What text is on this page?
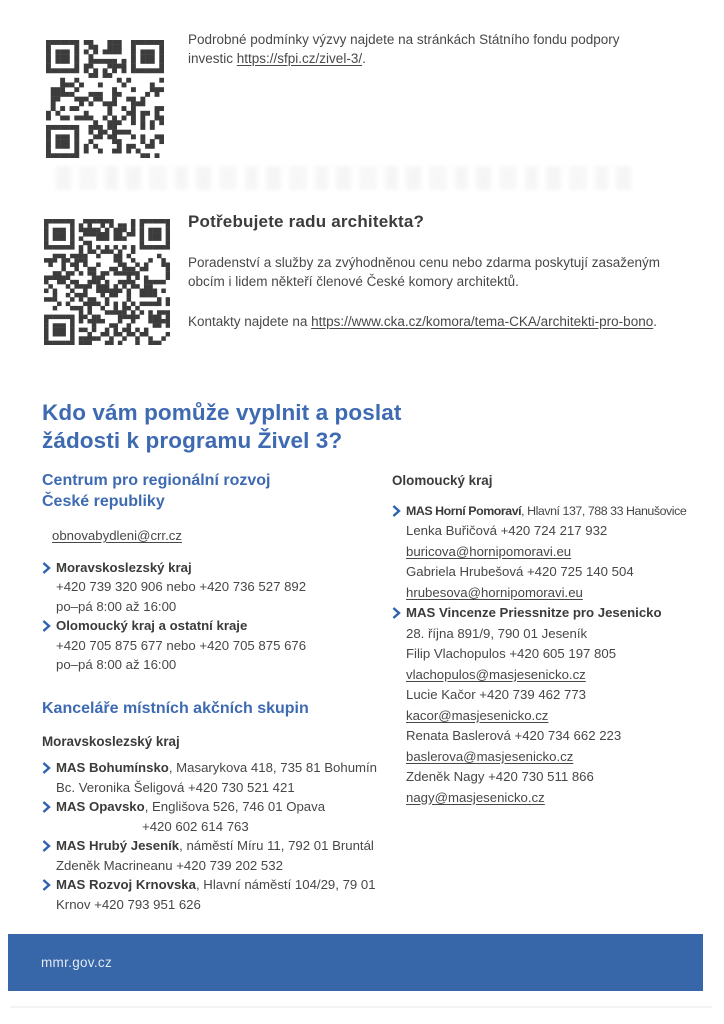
Podrobné podmínky výzvy najdete na stránkách Státního fondu podpory
investic https://sfpi.cz/zivel-3/.

Potřebujete radu architekta?

Poradenství a služby za zvýhodněnou cenu nebo zdarma poskytují zasaženým
obcím i lidem někteří členové České komory architektů.

Kontakty najdete na https://www.cka.cz/komora/tema-CKA/architekti-pro-bono.

Kdo vám pomůže vyplnit a poslat
žádosti k programu Živel 3?
Centrum pro regionální rozvoj
České republiky
obnovabydleni@crr.cz
Moravskoslezský kraj
+420 739 320 906 nebo +420 736 527 892
po–pá 8:00 až 16:00
Olomoucký kraj a ostatní kraje
+420 705 875 677 nebo +420 705 875 676
po–pá 8:00 až 16:00
Kanceláře místních akčních skupin
Moravskoslezský kraj
MAS Bohumínsko, Masarykova 418, 735 81 Bohumín
Bc. Veronika Šeligová +420 730 521 421
MAS Opavsko, Englišova 526, 746 01 Opava
+420 602 614 763
MAS Hrubý Jeseník, náměstí Míru 11, 792 01 Bruntál
Zdeněk Macrineanu +420 739 202 532
MAS Rozvoj Krnovska, Hlavní náměstí 104/29, 79 01
Krnov +420 793 951 626
Olomoucký kraj
MAS Horní Pomoraví, Hlavní 137, 788 33 Hanušovice
Lenka Buřičová +420 724 217 932
buricova@hornipomoravi.eu
Gabriela Hrubešová +420 725 140 504
hrubesova@hornipomoravi.eu
MAS Vincenze Priessnitze pro Jesenicko
28. října 891/9, 790 01 Jeseník
Filip Vlachopulos +420 605 197 805
vlachopulos@masjesenicko.cz
Lucie Kačor +420 739 462 773
kacor@masjesenicko.cz
Renata Baslerová +420 734 662 223
baslerova@masjesenicko.cz
Zdeněk Nagy +420 730 511 866
nagy@masjesenicko.cz
mmr.gov.cz
